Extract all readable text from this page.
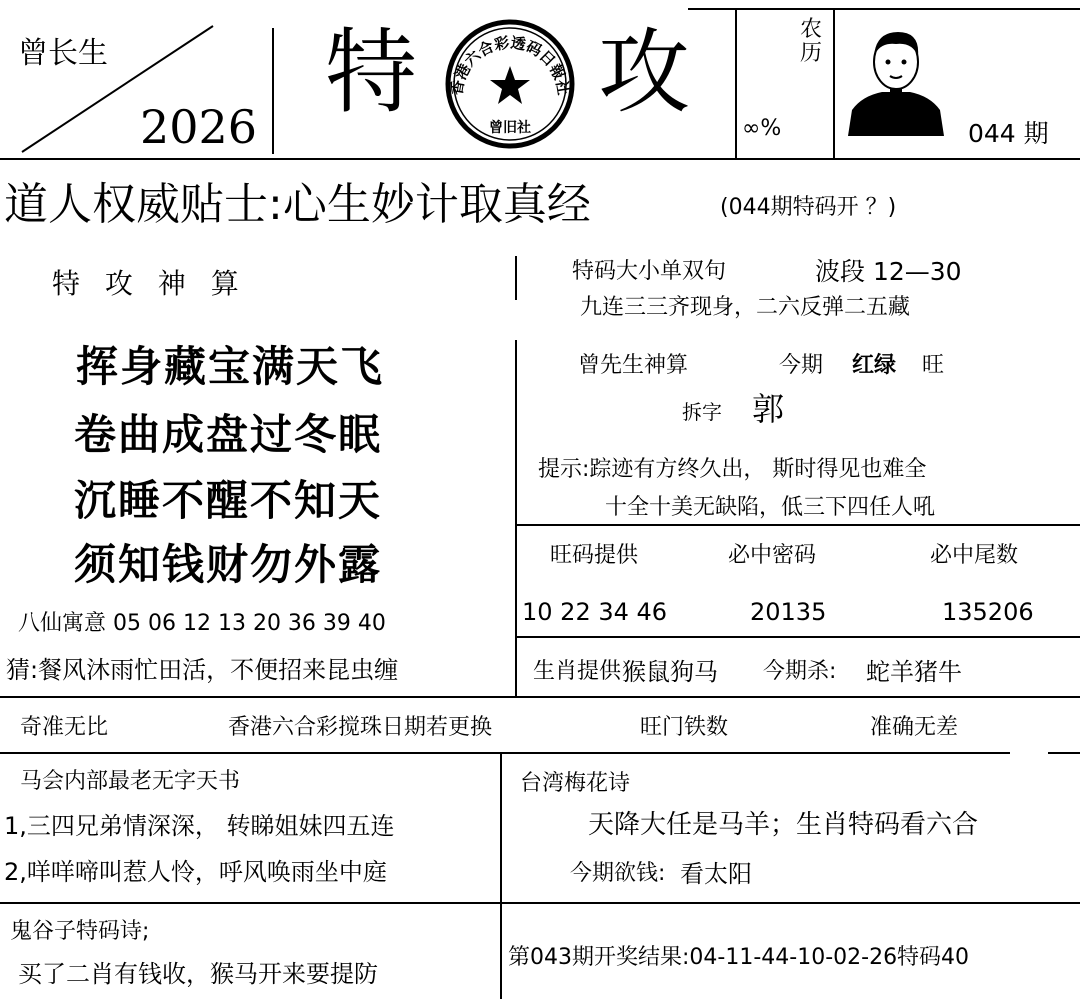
曾长生
2026
特 香港六合彩透码日報社
曾旧社
攻	农历
∞%	044 期
道人权威贴士:心生妙计取真经	(044期特码开 ？)
特 攻 神 算
挥身藏宝满天飞
卷曲成盘过冬眠
沉睡不醒不知天
须知钱财勿外露
八仙寓意 05 06 12 13 20 36 39 40
猜:餐风沐雨忙田活，不便招来昆虫缠
特码大小单双句	波段 12—30
九连三三齐现身，二六反弹二五藏
曾先生神算	今期 红绿 旺
拆字 郭
提示:踪迹有方终久出， 斯时得见也难全
十全十美无缺陷，低三下四任人吼
旺码提供	必中密码	必中尾数
10 22 34 46	20135	135206
生肖提供 猴鼠狗马 今期杀: 蛇羊猪牛
奇准无比	香港六合彩搅珠日期若更换	旺门铁数	准确无差
马会内部最老无字天书
1,三四兄弟情深深， 转睇姐妹四五连
2,咩咩啼叫惹人怜，呼风唤雨坐中庭
台湾梅花诗
天降大任是马羊；生肖特码看六合
今期欲钱: 看太阳
鬼谷子特码诗;
买了二肖有钱收，猴马开来要提防
第043期开奖结果:04-11-44-10-02-26特码40
